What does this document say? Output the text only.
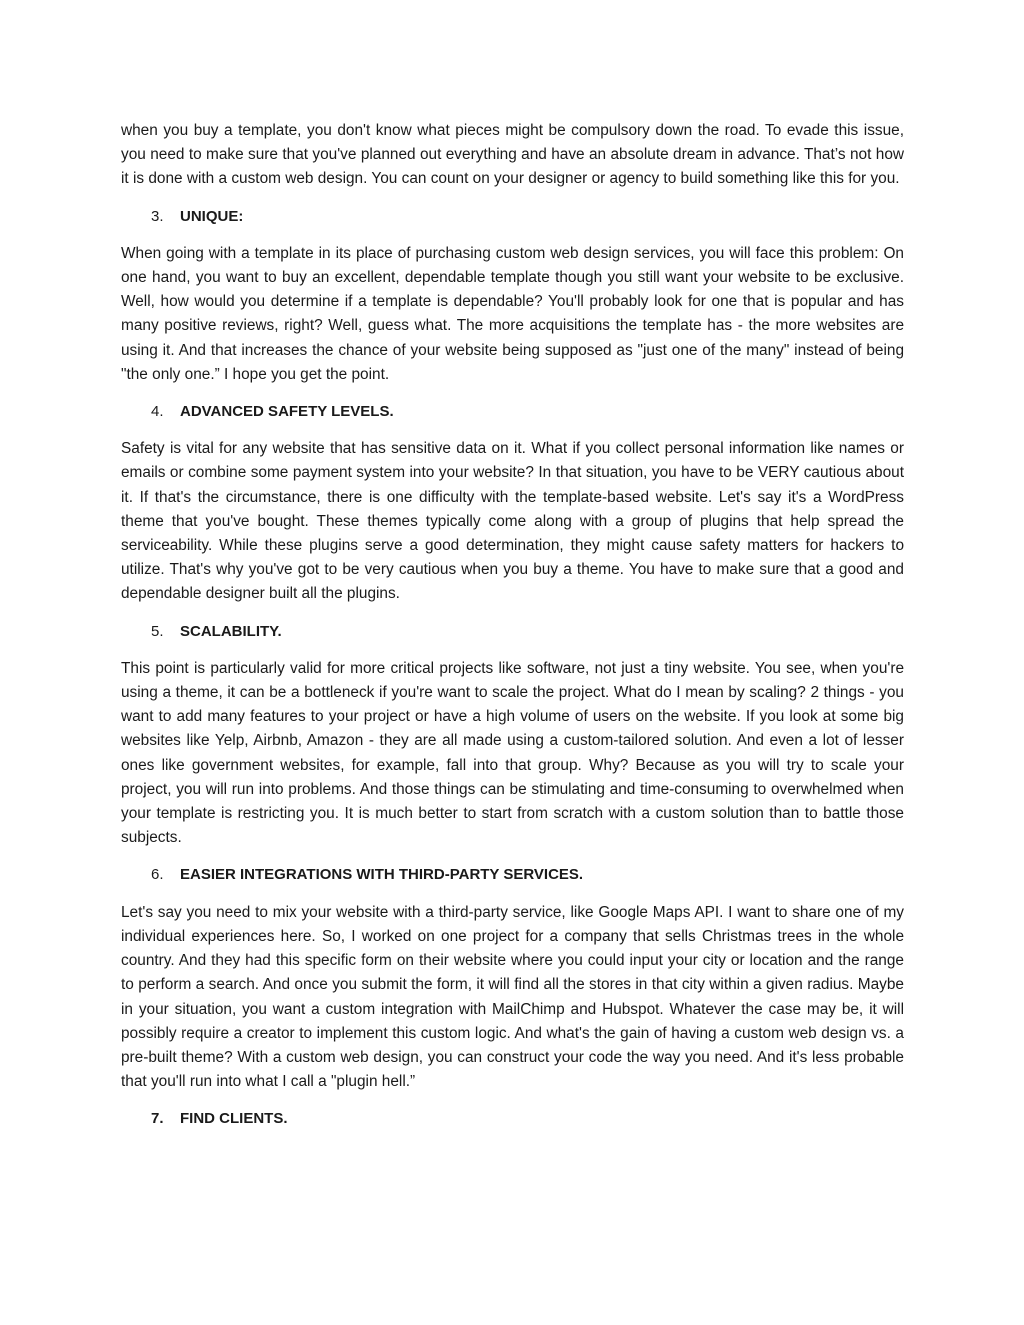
when you buy a template, you don't know what pieces might be compulsory down the road. To evade this issue, you need to make sure that you've planned out everything and have an absolute dream in advance. That’s not how it is done with a custom web design. You can count on your designer or agency to build something like this for you.

3.	UNIQUE:

When going with a template in its place of purchasing custom web design services, you will face this problem: On one hand, you want to buy an excellent, dependable template though you still want your website to be exclusive. Well, how would you determine if a template is dependable? You'll probably look for one that is popular and has many positive reviews, right? Well, guess what. The more acquisitions the template has - the more websites are using it. And that increases the chance of your website being supposed as "just one of the many" instead of being "the only one.” I hope you get the point.

4.	ADVANCED SAFETY LEVELS.

Safety is vital for any website that has sensitive data on it. What if you collect personal information like names or emails or combine some payment system into your website? In that situation, you have to be VERY cautious about it. If that's the circumstance, there is one difficulty with the template-based website. Let's say it's a WordPress theme that you've bought. These themes typically come along with a group of plugins that help spread the serviceability. While these plugins serve a good determination, they might cause safety matters for hackers to utilize. That's why you've got to be very cautious when you buy a theme. You have to make sure that a good and dependable designer built all the plugins.

5.	SCALABILITY.

This point is particularly valid for more critical projects like software, not just a tiny website. You see, when you're using a theme, it can be a bottleneck if you're want to scale the project. What do I mean by scaling? 2 things - you want to add many features to your project or have a high volume of users on the website. If you look at some big websites like Yelp, Airbnb, Amazon - they are all made using a custom-tailored solution. And even a lot of lesser ones like government websites, for example, fall into that group. Why? Because as you will try to scale your project, you will run into problems. And those things can be stimulating and time-consuming to overwhelmed when your template is restricting you. It is much better to start from scratch with a custom solution than to battle those subjects.

6.	EASIER INTEGRATIONS WITH THIRD-PARTY SERVICES.

Let's say you need to mix your website with a third-party service, like Google Maps API. I want to share one of my individual experiences here. So, I worked on one project for a company that sells Christmas trees in the whole country. And they had this specific form on their website where you could input your city or location and the range to perform a search. And once you submit the form, it will find all the stores in that city within a given radius. Maybe in your situation, you want a custom integration with MailChimp and Hubspot. Whatever the case may be, it will possibly require a creator to implement this custom logic. And what's the gain of having a custom web design vs. a pre-built theme? With a custom web design, you can construct your code the way you need. And it's less probable that you'll run into what I call a "plugin hell.”

7.	FIND CLIENTS.
